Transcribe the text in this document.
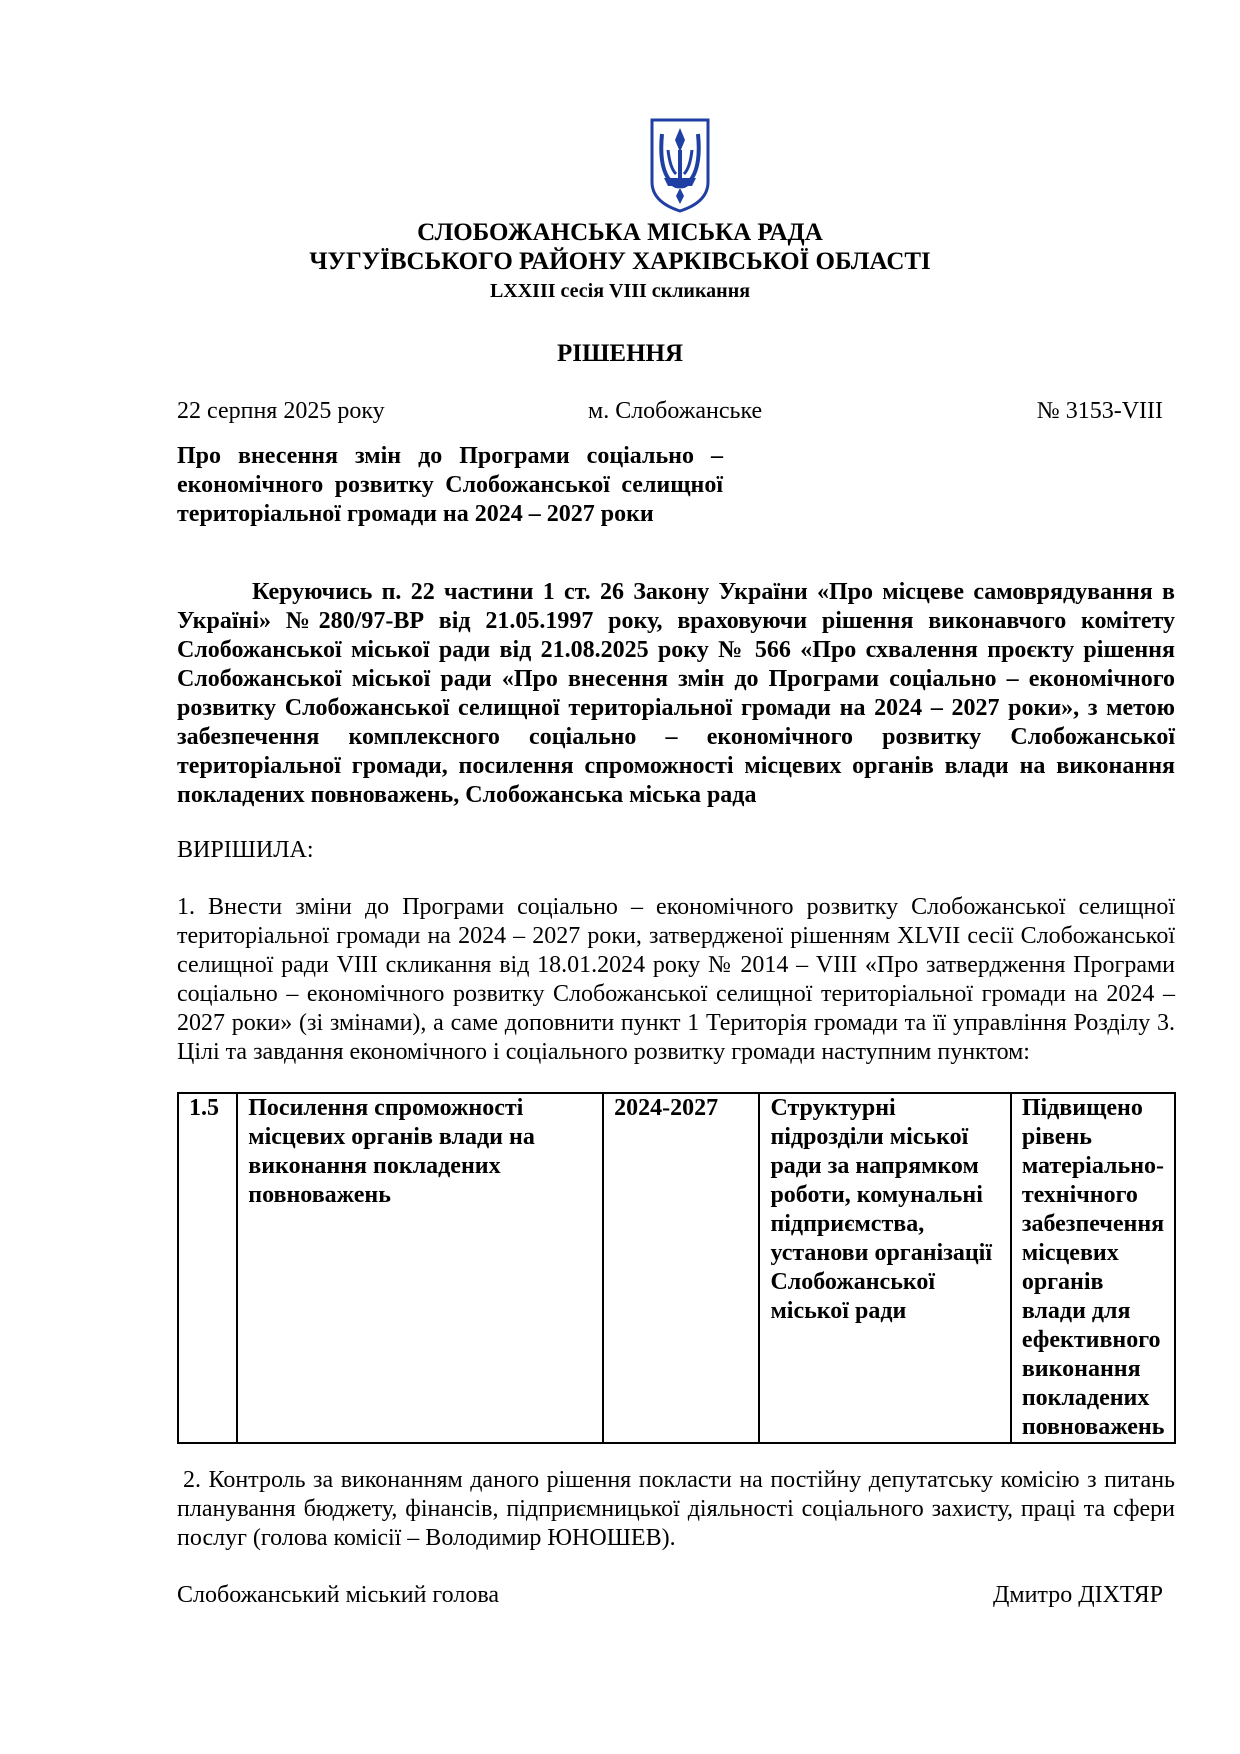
СЛОБОЖАНСЬКА МІСЬКА РАДА

ЧУГУЇВСЬКОГО РАЙОНУ ХАРКІВСЬКОЇ ОБЛАСТІ

LXXIII сесія VIII скликання

РІШЕННЯ

22 серпня 2025 року	м. Слобожанське	№ 3153-VIII

Про внесення змін до Програми соціально – економічного розвитку Слобожанської селищної територіальної громади на 2024 – 2027 роки

Керуючись п. 22 частини 1 ст. 26 Закону України «Про місцеве самоврядування в Україні» №280/97-ВР від 21.05.1997 року, враховуючи рішення виконавчого комітету Слобожанської міської ради від 21.08.2025 року № 566 «Про схвалення проєкту рішення Слобожанської міської ради «Про внесення змін до Програми соціально – економічного розвитку Слобожанської селищної територіальної громади на 2024 – 2027 роки», з метою забезпечення комплексного соціально – економічного розвитку Слобожанської територіальної громади, посилення спроможності місцевих органів влади на виконання покладених повноважень, Слобожанська міська рада

ВИРІШИЛА:

1. Внести зміни до Програми соціально – економічного розвитку Слобожанської селищної територіальної громади на 2024 – 2027 роки, затвердженої рішенням XLVII сесії Слобожанської селищної ради VIII скликання від 18.01.2024 року № 2014 – VIII «Про затвердження Програми соціально – економічного розвитку Слобожанської селищної територіальної громади на 2024 – 2027 роки» (зі змінами), а саме доповнити пункт 1 Територія громади та її управління Розділу 3. Цілі та завдання економічного і соціального розвитку громади наступним пунктом:

1.5	Посилення спроможності місцевих органів влади на виконання покладених повноважень	2024-2027	Структурні підрозділи міської ради за напрямком роботи, комунальні підприємства, установи організації Слобожанської міської ради	Підвищено рівень матеріально-технічного забезпечення місцевих органів влади для ефективного виконання покладених повноважень

2. Контроль за виконанням даного рішення покласти на постійну депутатську комісію з питань планування бюджету, фінансів, підприємницької діяльності соціального захисту, праці та сфери послуг (голова комісії – Володимир ЮНОШЕВ).

Слобожанський міський голова	Дмитро ДІХТЯР
